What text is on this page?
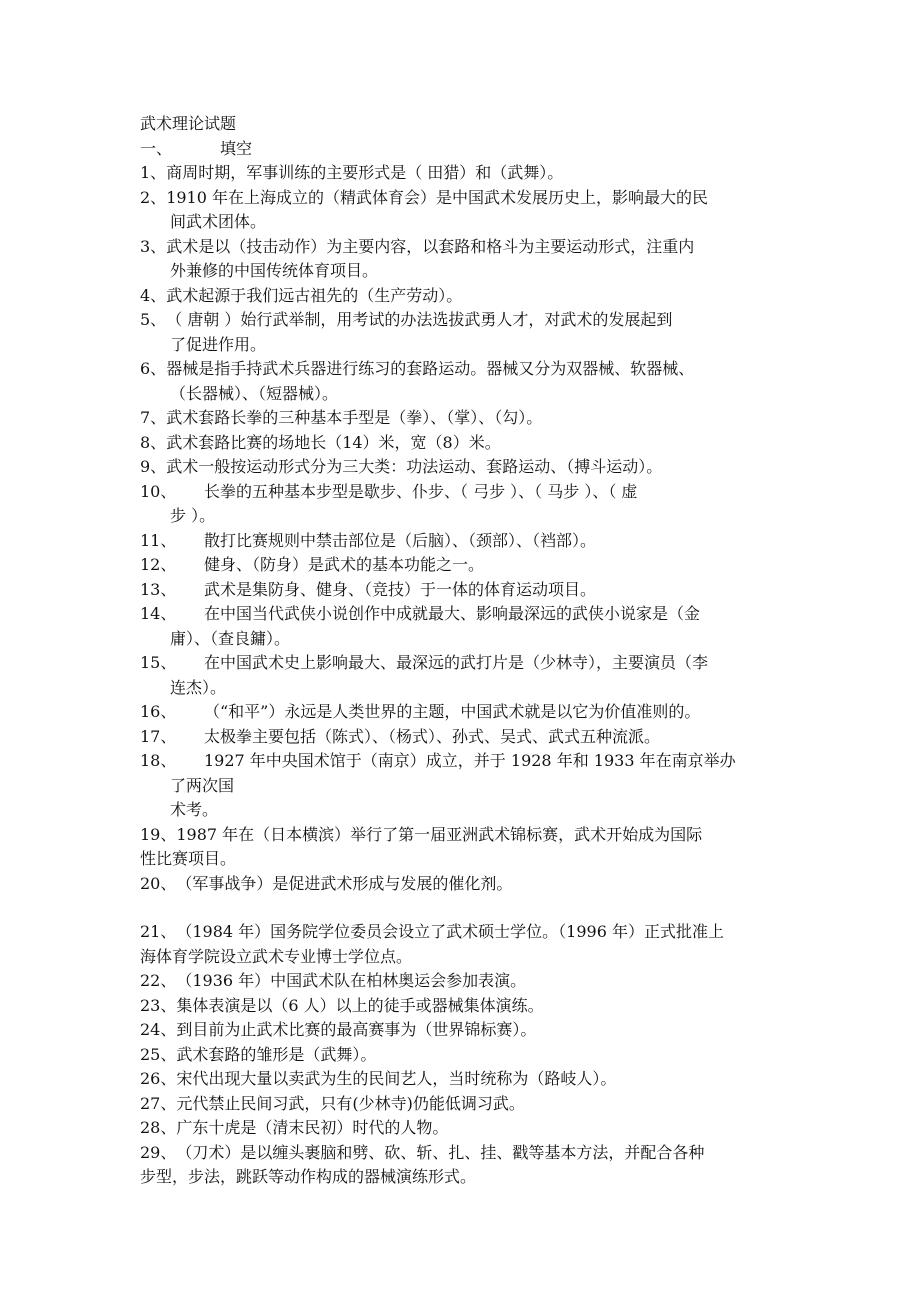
武术理论试题
一、	填空
1、商周时期，军事训练的主要形式是（ 田猎）和（武舞）。
2、1910 年在上海成立的（精武体育会）是中国武术发展历史上，影响最大的民
间武术团体。
3、武术是以（技击动作）为主要内容，以套路和格斗为主要运动形式，注重内
外兼修的中国传统体育项目。
4、武术起源于我们远古祖先的（生产劳动）。
5、（ 唐朝 ）始行武举制，用考试的办法选拔武勇人才，对武术的发展起到
了促进作用。
6、器械是指手持武术兵器进行练习的套路运动。器械又分为双器械、软器械、
（长器械）、（短器械）。
7、武术套路长拳的三种基本手型是（拳）、（掌）、（勾）。
8、武术套路比赛的场地长（14）米，宽（8）米。
9、武术一般按运动形式分为三大类：功法运动、套路运动、（搏斗运动）。
10、 长拳的五种基本步型是歇步、仆步、（ 弓步 ）、（ 马步 ）、（ 虚
步 ）。
11、 散打比赛规则中禁击部位是（后脑）、（颈部）、（裆部）。
12、 健身、（防身）是武术的基本功能之一。
13、 武术是集防身、健身、（竞技）于一体的体育运动项目。
14、 在中国当代武侠小说创作中成就最大、影响最深远的武侠小说家是（金
庸）、（查良鏞）。
15、 在中国武术史上影响最大、最深远的武打片是（少林寺），主要演员（李
连杰）。
16、 （“和平”）永远是人类世界的主题，中国武术就是以它为价值准则的。
17、 太极拳主要包括（陈式）、（杨式）、孙式、吴式、武式五种流派。
18、 1927 年中央国术馆于（南京）成立，并于 1928 年和 1933 年在南京举办
了两次国
术考。
19、1987 年在（日本横滨）举行了第一届亚洲武术锦标赛，武术开始成为国际
性比赛项目。
20、（军事战争）是促进武术形成与发展的催化剂。
21、（1984 年）国务院学位委员会设立了武术硕士学位。（1996 年）正式批准上
海体育学院设立武术专业博士学位点。
22、（1936 年）中国武术队在柏林奥运会参加表演。
23、集体表演是以（6 人）以上的徒手或器械集体演练。
24、到目前为止武术比赛的最高赛事为（世界锦标赛）。
25、武术套路的雏形是（武舞）。
26、宋代出现大量以卖武为生的民间艺人，当时统称为（路岐人）。
27、元代禁止民间习武，只有(少林寺)仍能低调习武。
28、广东十虎是（清末民初）时代的人物。
29、（刀术）是以缠头裹脑和劈、砍、斩、扎、挂、戳等基本方法，并配合各种
步型，步法，跳跃等动作构成的器械演练形式。
